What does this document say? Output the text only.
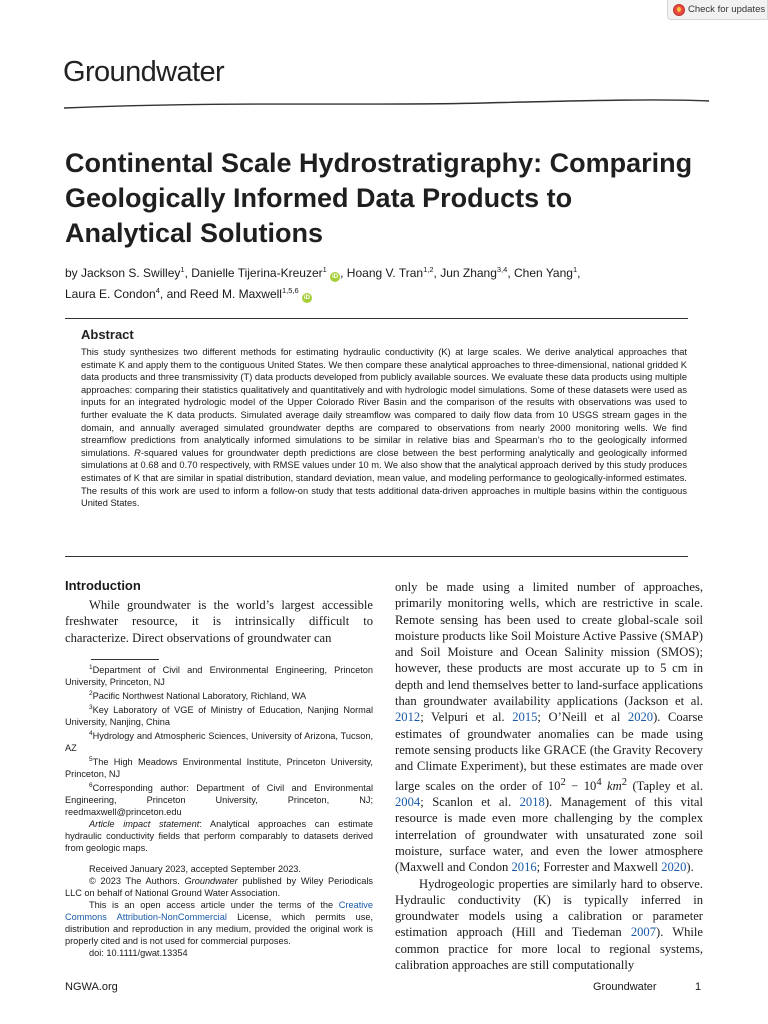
Check for updates
Groundwater
Continental Scale Hydrostratigraphy: Comparing Geologically Informed Data Products to Analytical Solutions
by Jackson S. Swilley$^1$, Danielle Tijerina-Kreuzer$^1$ iD , Hoang V. Tran$^{1,2}$, Jun Zhang$^{3,4}$, Chen Yang$^1$,
Laura E. Condon$^4$, and Reed M. Maxwell$^{1,5,6}$ iD
Abstract
This study synthesizes two different methods for estimating hydraulic conductivity (K) at large scales. We derive analytical approaches that estimate K and apply them to the contiguous United States. We then compare these analytical approaches to three-dimensional, national gridded K data products and three transmissivity (T) data products developed from publicly available sources. We evaluate these data products using multiple approaches: comparing their statistics qualitatively and quantitatively and with hydrologic model simulations. Some of these datasets were used as inputs for an integrated hydrologic model of the Upper Colorado River Basin and the comparison of the results with observations was used to further evaluate the K data products. Simulated average daily streamflow was compared to daily flow data from 10 USGS stream gages in the domain, and annually averaged simulated groundwater depths are compared to observations from nearly 2000 monitoring wells. We find streamflow predictions from analytically informed simulations to be similar in relative bias and Spearman’s rho to the geologically informed simulations. R-squared values for groundwater depth predictions are close between the best performing analytically and geologically informed simulations at 0.68 and 0.70 respectively, with RMSE values under 10 m. We also show that the analytical approach derived by this study produces estimates of K that are similar in spatial distribution, standard deviation, mean value, and modeling performance to geologically-informed estimates. The results of this work are used to inform a follow-on study that tests additional data-driven approaches in multiple basins within the contiguous United States.
Introduction
While groundwater is the world’s largest accessible freshwater resource, it is intrinsically difficult to characterize. Direct observations of groundwater can

$^1$Department of Civil and Environmental Engineering, Princeton University, Princeton, NJ

$^2$Pacific Northwest National Laboratory, Richland, WA

$^3$Key Laboratory of VGE of Ministry of Education, Nanjing Normal University, Nanjing, China

$^4$Hydrology and Atmospheric Sciences, University of Arizona, Tucson, AZ

$^5$The High Meadows Environmental Institute, Princeton University, Princeton, NJ

$^6$Corresponding author: Department of Civil and Environmental Engineering, Princeton University, Princeton, NJ; reedmaxwell@princeton.edu

Article impact statement: Analytical approaches can estimate hydraulic conductivity fields that perform comparably to datasets derived from geologic maps.

Received January 2023, accepted September 2023.

© 2023 The Authors. Groundwater published by Wiley Periodicals LLC on behalf of National Ground Water Association.

This is an open access article under the terms of the Creative Commons Attribution-NonCommercial License, which permits use, distribution and reproduction in any medium, provided the original work is properly cited and is not used for commercial purposes.

doi: 10.1111/gwat.13354

only be made using a limited number of approaches, primarily monitoring wells, which are restrictive in scale. Remote sensing has been used to create global-scale soil moisture products like Soil Moisture Active Passive (SMAP) and Soil Moisture and Ocean Salinity mission (SMOS); however, these products are most accurate up to 5 cm in depth and lend themselves better to land-surface applications than groundwater availability applications (Jackson et al. 2012; Velpuri et al. 2015; O’Neill et al 2020). Coarse estimates of groundwater anomalies can be made using remote sensing products like GRACE (the Gravity Recovery and Climate Experiment), but these estimates are made over large scales on the order of $10^2 - 10^4$ $km^2$ (Tapley et al. 2004; Scanlon et al. 2018). Management of this vital resource is made even more challenging by the complex interrelation of groundwater with unsaturated zone soil moisture, surface water, and even the lower atmosphere (Maxwell and Condon 2016; Forrester and Maxwell 2020).
Hydrogeologic properties are similarly hard to observe. Hydraulic conductivity (K) is typically inferred in groundwater models using a calibration or parameter estimation approach (Hill and Tiedeman 2007). While common practice for more local to regional systems, calibration approaches are still computationally
NGWA.org	Groundwater	1
